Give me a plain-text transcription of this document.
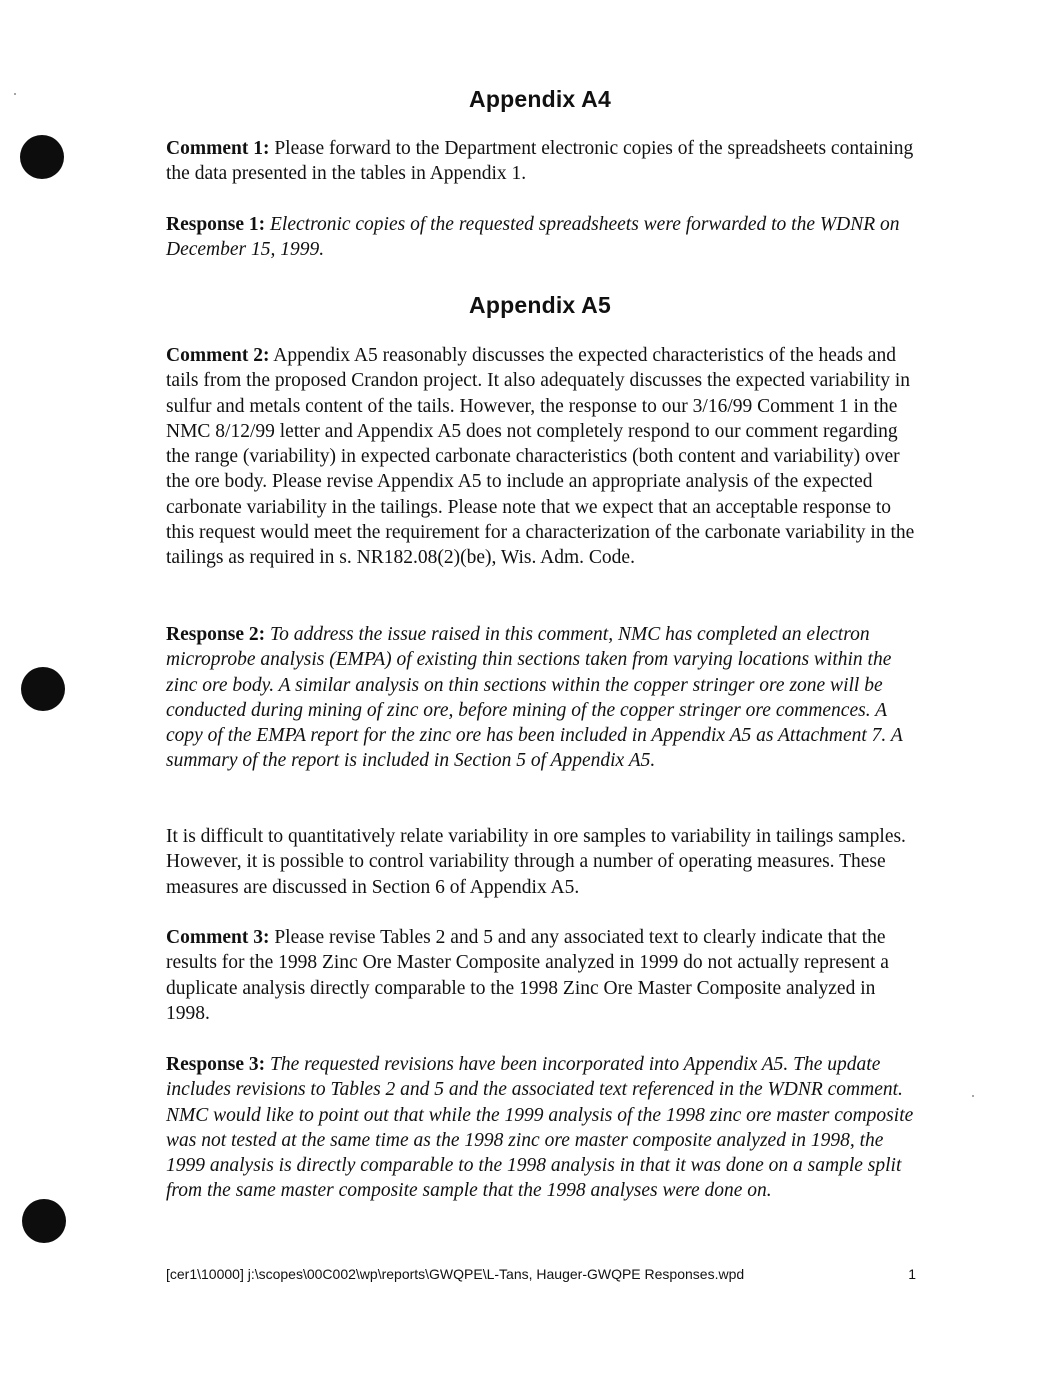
Appendix A4

Comment 1: Please forward to the Department electronic copies of the spreadsheets containing the data presented in the tables in Appendix 1.

Response 1: Electronic copies of the requested spreadsheets were forwarded to the WDNR on December 15, 1999.

Appendix A5

Comment 2: Appendix A5 reasonably discusses the expected characteristics of the heads and tails from the proposed Crandon project. It also adequately discusses the expected variability in sulfur and metals content of the tails. However, the response to our 3/16/99 Comment 1 in the NMC 8/12/99 letter and Appendix A5 does not completely respond to our comment regarding the range (variability) in expected carbonate characteristics (both content and variability) over the ore body. Please revise Appendix A5 to include an appropriate analysis of the expected carbonate variability in the tailings. Please note that we expect that an acceptable response to this request would meet the requirement for a characterization of the carbonate variability in the tailings as required in s. NR182.08(2)(be), Wis. Adm. Code.

Response 2: To address the issue raised in this comment, NMC has completed an electron microprobe analysis (EMPA) of existing thin sections taken from varying locations within the zinc ore body. A similar analysis on thin sections within the copper stringer ore zone will be conducted during mining of zinc ore, before mining of the copper stringer ore commences. A copy of the EMPA report for the zinc ore has been included in Appendix A5 as Attachment 7. A summary of the report is included in Section 5 of Appendix A5.

It is difficult to quantitatively relate variability in ore samples to variability in tailings samples. However, it is possible to control variability through a number of operating measures. These measures are discussed in Section 6 of Appendix A5.

Comment 3: Please revise Tables 2 and 5 and any associated text to clearly indicate that the results for the 1998 Zinc Ore Master Composite analyzed in 1999 do not actually represent a duplicate analysis directly comparable to the 1998 Zinc Ore Master Composite analyzed in 1998.

Response 3: The requested revisions have been incorporated into Appendix A5. The update includes revisions to Tables 2 and 5 and the associated text referenced in the WDNR comment. NMC would like to point out that while the 1999 analysis of the 1998 zinc ore master composite was not tested at the same time as the 1998 zinc ore master composite analyzed in 1998, the 1999 analysis is directly comparable to the 1998 analysis in that it was done on a sample split from the same master composite sample that the 1998 analyses were done on.

[cer1\10000] j:\scopes\00C002\wp\reports\GWQPE\L-Tans, Hauger-GWQPE Responses.wpd	1
